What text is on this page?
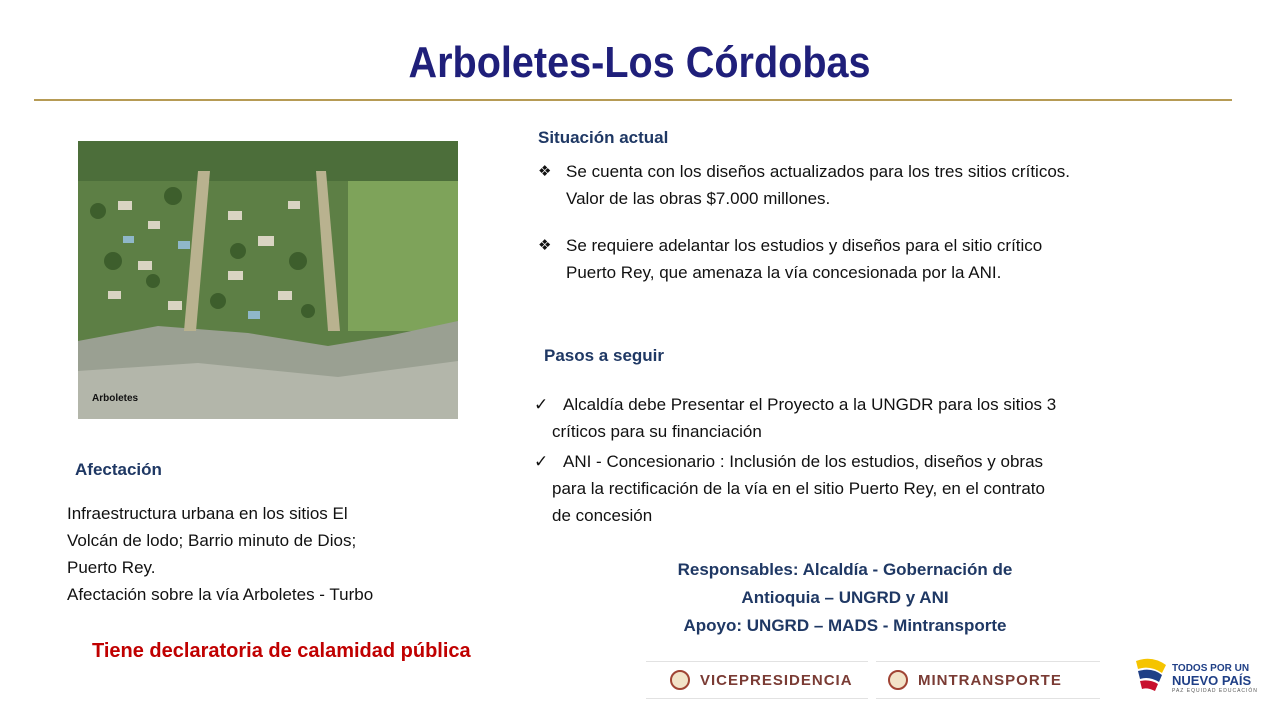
Arboletes-Los Córdobas
Arboletes
Situación actual
❖ Se cuenta con los diseños actualizados para los tres sitios críticos. Valor de las obras $7.000 millones.
❖ Se requiere adelantar los estudios y diseños para el sitio crítico Puerto Rey, que amenaza la vía concesionada por la ANI.
Pasos a seguir
✓ Alcaldía debe Presentar el Proyecto a la UNGDR para los sitios 3
críticos para su financiación
✓ ANI - Concesionario : Inclusión de los estudios, diseños y obras
para la rectificación de la vía en el sitio Puerto Rey, en el contrato
de concesión
Afectación
Infraestructura urbana en los sitios El
Volcán de lodo; Barrio minuto de Dios;
Puerto Rey.
Afectación sobre la vía Arboletes - Turbo
Responsables: Alcaldía - Gobernación de
Antioquia – UNGRD y ANI
Apoyo: UNGRD – MADS - Mintransporte
Tiene declaratoria de calamidad pública
VICEPRESIDENCIA	MINTRANSPORTE
TODOS POR UN
NUEVO PAÍS
PAZ EQUIDAD EDUCACIÓN
